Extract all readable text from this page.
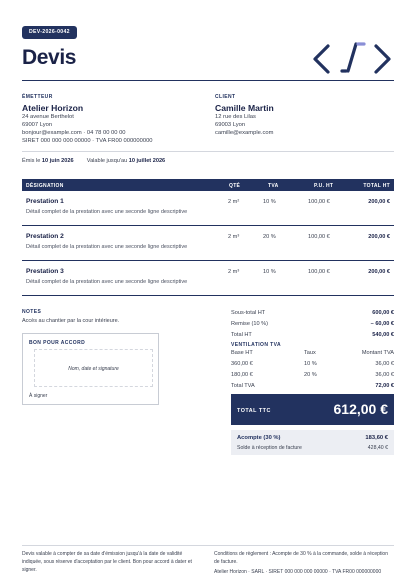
DEV-2026-0042
Devis
ÉMETTEUR
Atelier Horizon
24 avenue Berthelot
69007 Lyon
bonjour@example.com · 04 78 00 00 00
SIRET 000 000 000 00000 · TVA FR00 000000000
CLIENT
Camille Martin
12 rue des Lilas
69003 Lyon
camille@example.com
Émis le 10 juin 2026 Valable jusqu'au 10 juillet 2026
DÉSIGNATION	QTÉ	TVA	P.U. HT	TOTAL HT
Prestation 1
Détail complet de la prestation avec une seconde ligne descriptive
2 m²	10 %	100,00 €	200,00 €
Prestation 2
Détail complet de la prestation avec une seconde ligne descriptive
2 m³	20 %	100,00 €	200,00 €
Prestation 3
Détail complet de la prestation avec une seconde ligne descriptive
2 m³	10 %	100,00 €	200,00 €
NOTES
Accès au chantier par la cour intérieure.
BON POUR ACCORD
Nom, date et signature
À signer
Sous-total HT	600,00 €
Remise (10 %)	– 60,00 €
Total HT	540,00 €
VENTILATION TVA
Base HT	Taux	Montant TVA
360,00 €	10 %	36,00 €
180,00 €	20 %	36,00 €
Total TVA	72,00 €
TOTAL TTC	612,00 €
Acompte (30 %)	183,60 €
Solde à réception de facture	428,40 €
Devis valable à compter de sa date d'émission jusqu'à la date de validité indiquée, sous réserve d'acceptation par le client. Bon pour accord à dater et signer.
Conditions de règlement : Acompte de 30 % à la commande, solde à réception de facture.
Atelier Horizon · SARL · SIRET 000 000 000 00000 · TVA FR00 000000000
